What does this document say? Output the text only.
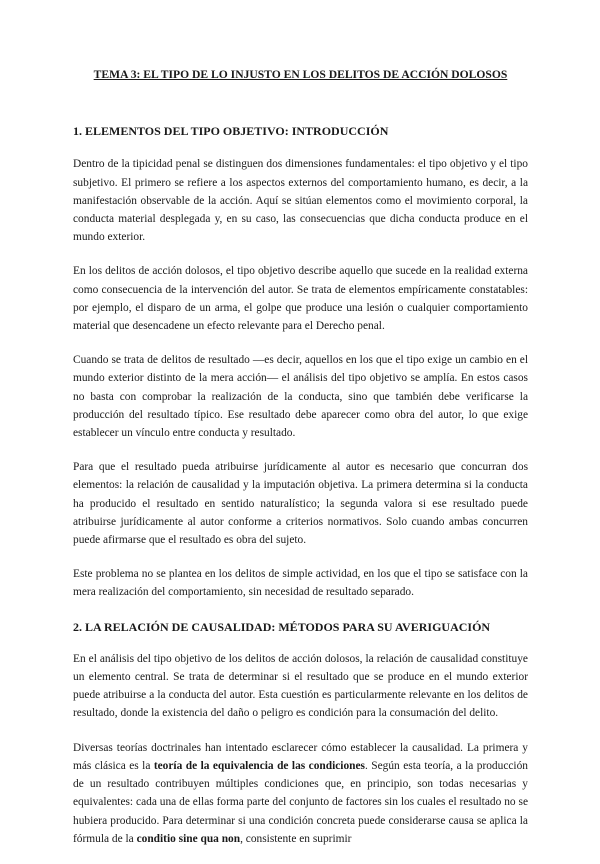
TEMA 3: EL TIPO DE LO INJUSTO EN LOS DELITOS DE ACCIÓN DOLOSOS
1. ELEMENTOS DEL TIPO OBJETIVO: INTRODUCCIÓN

Dentro de la tipicidad penal se distinguen dos dimensiones fundamentales: el tipo objetivo y el tipo subjetivo. El primero se refiere a los aspectos externos del comportamiento humano, es decir, a la manifestación observable de la acción. Aquí se sitúan elementos como el movimiento corporal, la conducta material desplegada y, en su caso, las consecuencias que dicha conducta produce en el mundo exterior.

En los delitos de acción dolosos, el tipo objetivo describe aquello que sucede en la realidad externa como consecuencia de la intervención del autor. Se trata de elementos empíricamente constatables: por ejemplo, el disparo de un arma, el golpe que produce una lesión o cualquier comportamiento material que desencadene un efecto relevante para el Derecho penal.

Cuando se trata de delitos de resultado —es decir, aquellos en los que el tipo exige un cambio en el mundo exterior distinto de la mera acción— el análisis del tipo objetivo se amplía. En estos casos no basta con comprobar la realización de la conducta, sino que también debe verificarse la producción del resultado típico. Ese resultado debe aparecer como obra del autor, lo que exige establecer un vínculo entre conducta y resultado.

Para que el resultado pueda atribuirse jurídicamente al autor es necesario que concurran dos elementos: la relación de causalidad y la imputación objetiva. La primera determina si la conducta ha producido el resultado en sentido naturalístico; la segunda valora si ese resultado puede atribuirse jurídicamente al autor conforme a criterios normativos. Solo cuando ambas concurren puede afirmarse que el resultado es obra del sujeto.

Este problema no se plantea en los delitos de simple actividad, en los que el tipo se satisface con la mera realización del comportamiento, sin necesidad de resultado separado.

2. LA RELACIÓN DE CAUSALIDAD: MÉTODOS PARA SU AVERIGUACIÓN

En el análisis del tipo objetivo de los delitos de acción dolosos, la relación de causalidad constituye un elemento central. Se trata de determinar si el resultado que se produce en el mundo exterior puede atribuirse a la conducta del autor. Esta cuestión es particularmente relevante en los delitos de resultado, donde la existencia del daño o peligro es condición para la consumación del delito.

Diversas teorías doctrinales han intentado esclarecer cómo establecer la causalidad. La primera y más clásica es la teoría de la equivalencia de las condiciones. Según esta teoría, a la producción de un resultado contribuyen múltiples condiciones que, en principio, son todas necesarias y equivalentes: cada una de ellas forma parte del conjunto de factores sin los cuales el resultado no se hubiera producido. Para determinar si una condición concreta puede considerarse causa se aplica la fórmula de la conditio sine qua non, consistente en suprimir
